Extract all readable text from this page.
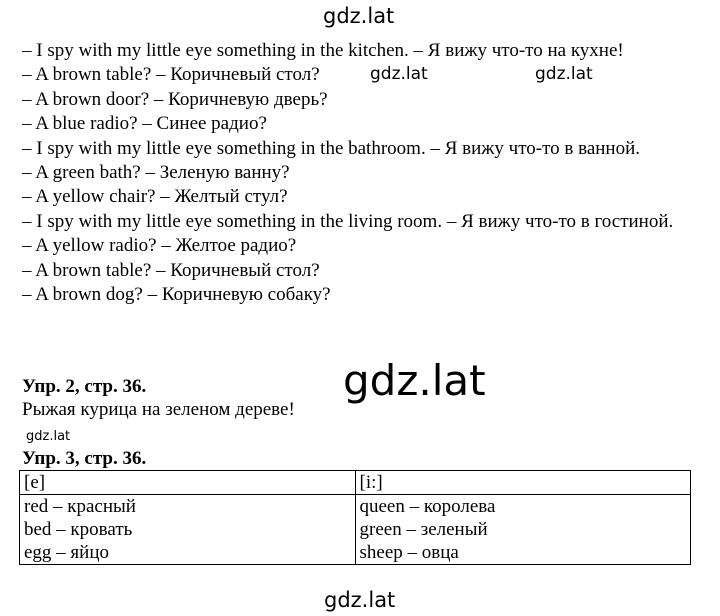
gdz.lat
– I spy with my little eye something in the kitchen. – Я вижу что-то на кухне!
– A brown table? – Коричневый стол?
– A brown door? – Коричневую дверь?
– A blue radio? – Синее радио?
– I spy with my little eye something in the bathroom. – Я вижу что-то в ванной.
– A green bath? – Зеленую ванну?
– A yellow chair? – Желтый стул?
– I spy with my little eye something in the living room. – Я вижу что-то в гостиной.
– A yellow radio? – Желтое радио?
– A brown table? – Коричневый стол?
– A brown dog? – Коричневую собаку?
gdz.lat	gdz.lat
Упр. 2, стр. 36.	gdz.lat
Рыжая курица на зеленом дереве!
gdz.lat
Упр. 3, стр. 36.
[e]	[i:]
red – красный	queen – королева
bed – кровать	green – зеленый
egg – яйцо	sheep – овца
gdz.lat
